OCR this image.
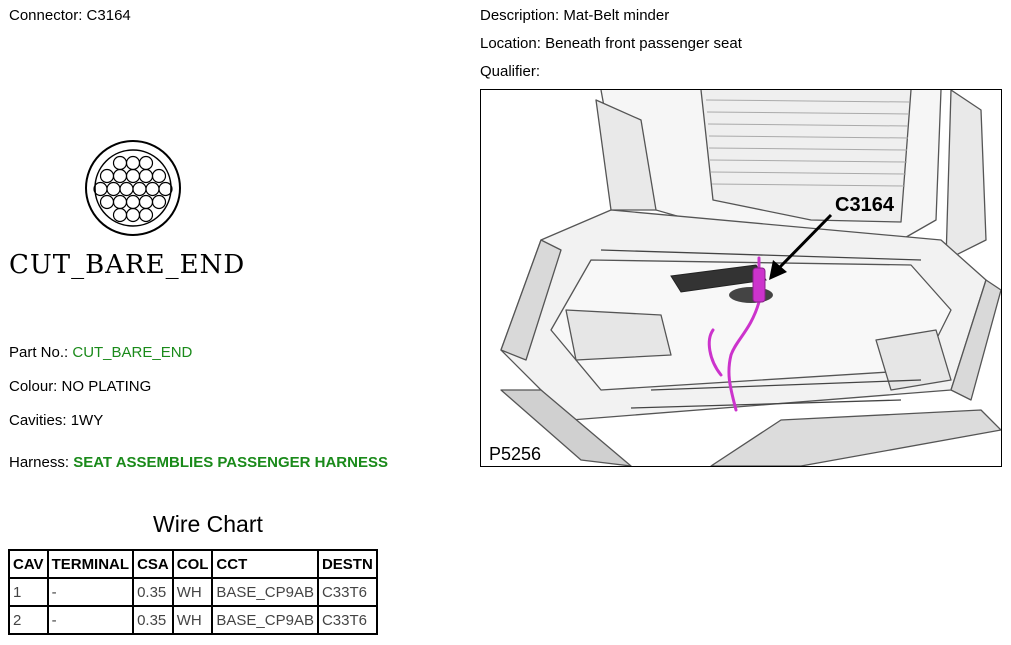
Connector: C3164	Description: Mat-Belt minder
Location: Beneath front passenger seat
Qualifier:
CUT_BARE_END
Part No.: CUT_BARE_END
Colour: NO PLATING
Cavities: 1WY
Harness: SEAT ASSEMBLIES PASSENGER HARNESS
Wire Chart
CAV	TERMINAL	CSA	COL	CCT	DESTN
1	-	0.35	WH	BASE_CP9AB	C33T6
2	-	0.35	WH	BASE_CP9AB	C33T6
C3164
P5256
